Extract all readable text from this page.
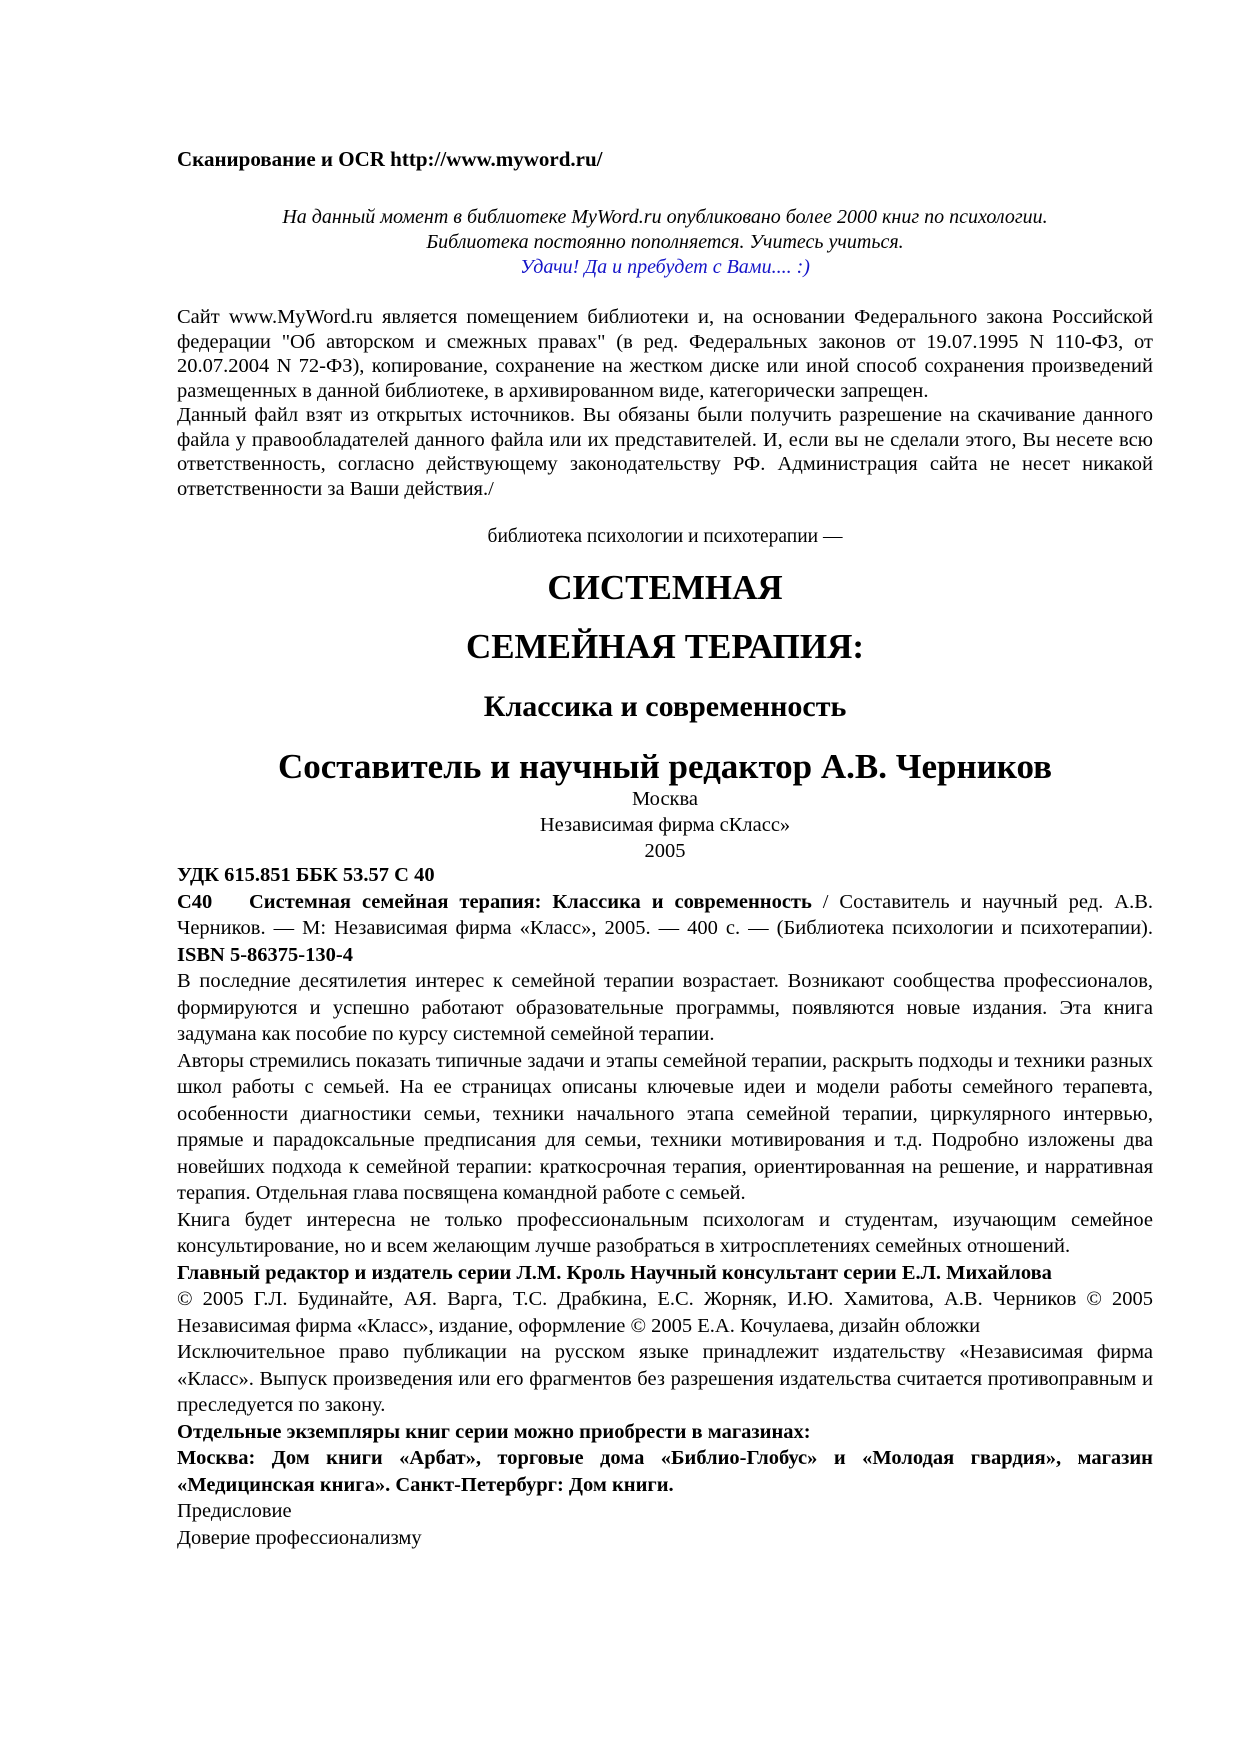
Сканирование и OCR http://www.myword.ru/
На данный момент в библиотеке MyWord.ru опубликовано более 2000 книг по психологии.
Библиотека постоянно пополняется. Учитесь учиться.
Удачи! Да и пребудет с Вами.... :)
Сайт www.MyWord.ru является помещением библиотеки и, на основании Федерального закона Российской федерации "Об авторском и смежных правах" (в ред. Федеральных законов от 19.07.1995 N 110-ФЗ, от 20.07.2004 N 72-ФЗ), копирование, сохранение на жестком диске или иной способ сохранения произведений размещенных в данной библиотеке, в архивированном виде, категорически запрещен.
Данный файл взят из открытых источников. Вы обязаны были получить разрешение на скачивание данного файла у правообладателей данного файла или их представителей. И, если вы не сделали этого, Вы несете всю ответственность, согласно действующему законодательству РФ. Администрация сайта не несет никакой ответственности за Ваши действия./
библиотека психологии и психотерапии —
СИСТЕМНАЯ
СЕМЕЙНАЯ ТЕРАПИЯ:
Классика и современность
Составитель и научный редактор А.В. Черников
Москва
Независимая фирма сКласс»
2005

УДК 615.851 ББК 53.57 С 40

С40 Системная семейная терапия: Классика и современность / Составитель и научный ред. А.В. Черников. — М: Независимая фирма «Класс», 2005. — 400 с. — (Библиотека психологии и психотерапии). ISBN 5-86375-130-4

В последние десятилетия интерес к семейной терапии возрастает. Возникают сообщества профессионалов, формируются и успешно работают образовательные программы, появляются новые издания. Эта книга задумана как пособие по курсу системной семейной терапии.

Авторы стремились показать типичные задачи и этапы семейной терапии, раскрыть подходы и техники разных школ работы с семьей. На ее страницах описаны ключевые идеи и модели работы семейного терапевта, особенности диагностики семьи, техники начального этапа семейной терапии, циркулярного интервью, прямые и парадоксальные предписания для семьи, техники мотивирования и т.д. Подробно изложены два новейших подхода к семейной терапии: краткосрочная терапия, ориентированная на решение, и нарративная терапия. Отдельная глава посвящена командной работе с семьей.

Книга будет интересна не только профессиональным психологам и студентам, изучающим семейное консультирование, но и всем желающим лучше разобраться в хитросплетениях семейных отношений.

Главный редактор и издатель серии Л.М. Кроль Научный консультант серии Е.Л. Михайлова

© 2005 Г.Л. Будинайте, АЯ. Варга, Т.С. Драбкина, Е.С. Жорняк, И.Ю. Хамитова, А.В. Черников © 2005 Независимая фирма «Класс», издание, оформление © 2005 Е.А. Кочулаева, дизайн обложки

Исключительное право публикации на русском языке принадлежит издательству «Независимая фирма «Класс». Выпуск произведения или его фрагментов без разрешения издательства считается противоправным и преследуется по закону.

Отдельные экземпляры книг серии можно приобрести в магазинах:

Москва: Дом книги «Арбат», торговые дома «Библио-Глобус» и «Молодая гвардия», магазин «Медицинская книга». Санкт-Петербург: Дом книги.

Предисловие

Доверие профессионализму
